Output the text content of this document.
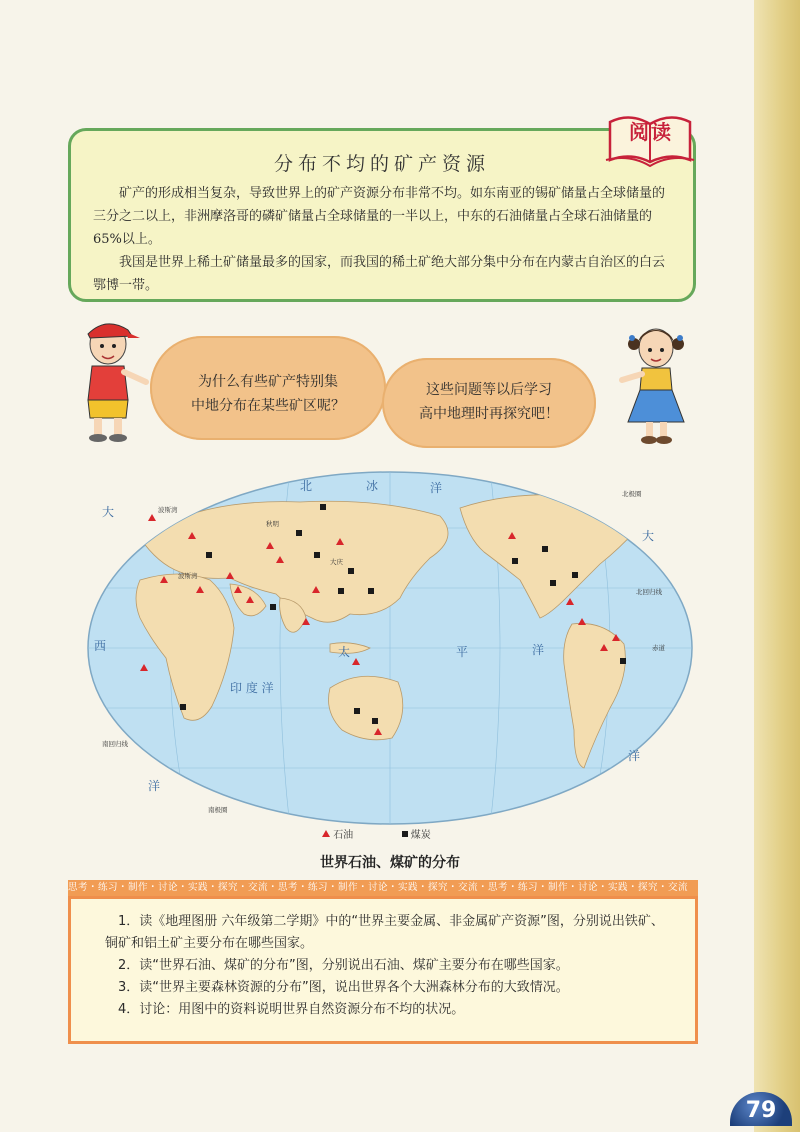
79
分布不均的矿产资源

矿产的形成相当复杂，导致世界上的矿产资源分布非常不均。如东南亚的锡矿储量占全球储量的三分之二以上，非洲摩洛哥的磷矿储量占全球储量的一半以上，中东的石油储量占全球石油储量的65%以上。

我国是世界上稀土矿储量最多的国家，而我国的稀土矿绝大部分集中分布在内蒙古自治区的白云鄂博一带。

阅读
为什么有些矿产特别集
中地分布在某些矿区呢？
这些问题等以后学习
高中地理时再探究吧！
北	冰	洋
大
西	太	平	洋
印 度 洋
大
洋
洋
北极圈
北回归线
赤道
南回归线
南极圈
波斯湾
秋明
大庆
波斯湾
石油	煤炭
世界石油、煤矿的分布
思考・练习・制作・讨论・实践・探究・交流・思考・练习・制作・讨论・实践・探究・交流・思考・练习・制作・讨论・实践・探究・交流

1．读《地理图册 六年级第二学期》中的“世界主要金属、非金属矿产资源”图，分别说出铁矿、铜矿和铝土矿主要分布在哪些国家。

2．读“世界石油、煤矿的分布”图，分别说出石油、煤矿主要分布在哪些国家。

3．读“世界主要森林资源的分布”图，说出世界各个大洲森林分布的大致情况。

4．讨论：用图中的资料说明世界自然资源分布不均的状况。
